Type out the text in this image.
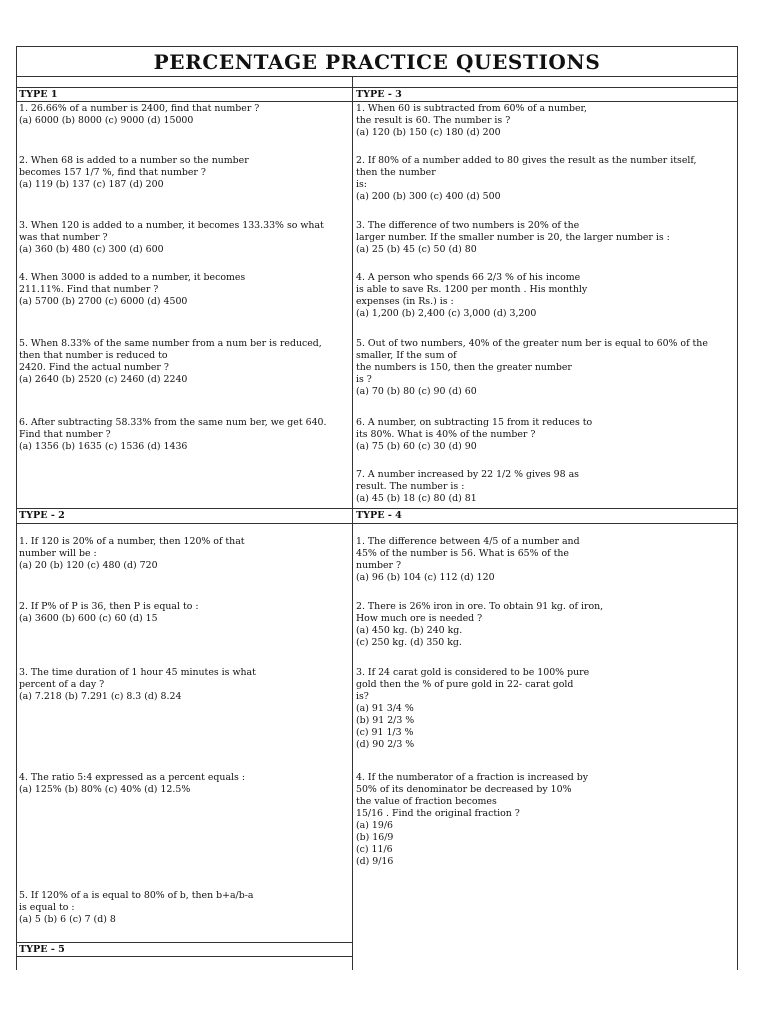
PERCENTAGE PRACTICE QUESTIONS
TYPE 1	TYPE - 3
TYPE - 2	TYPE - 4
TYPE - 5
1. 26.66% of a number is 2400, find that number ?
(a) 6000 (b) 8000 (c) 9000 (d) 15000
2. When 68 is added to a number so the number
becomes 157 1/7 %, find that number ?
(a) 119 (b) 137 (c) 187 (d) 200
3. When 120 is added to a number, it becomes 133.33% so what
was that number ?
(a) 360 (b) 480 (c) 300 (d) 600
4. When 3000 is added to a number, it becomes
211.11%. Find that number ?
(a) 5700 (b) 2700 (c) 6000 (d) 4500
5. When 8.33% of the same number from a num ber is reduced,
then that number is reduced to
2420. Find the actual number ?
(a) 2640 (b) 2520 (c) 2460 (d) 2240
6. After subtracting 58.33% from the same num ber, we get 640.
Find that number ?
(a) 1356 (b) 1635 (c) 1536 (d) 1436
1. When 60 is subtracted from 60% of a number,
the result is 60. The number is ?
(a) 120 (b) 150 (c) 180 (d) 200
2. If 80% of a number added to 80 gives the result as the number itself,
then the number
is:
(a) 200 (b) 300 (c) 400 (d) 500
3. The difference of two numbers is 20% of the
larger number. If the smaller number is 20, the larger number is :
(a) 25 (b) 45 (c) 50 (d) 80
4. A person who spends 66 2/3 % of his income
is able to save Rs. 1200 per month . His monthly
expenses (in Rs.) is :
(a) 1,200 (b) 2,400 (c) 3,000 (d) 3,200
5. Out of two numbers, 40% of the greater num ber is equal to 60% of the
smaller, If the sum of
the numbers is 150, then the greater number
is ?
(a) 70 (b) 80 (c) 90 (d) 60
6. A number, on subtracting 15 from it reduces to
its 80%. What is 40% of the number ?
(a) 75 (b) 60 (c) 30 (d) 90
7. A number increased by 22 1/2 % gives 98 as
result. The number is :
(a) 45 (b) 18 (c) 80 (d) 81
1. If 120 is 20% of a number, then 120% of that
number will be :
(a) 20 (b) 120 (c) 480 (d) 720
2. If P% of P is 36, then P is equal to :
(a) 3600 (b) 600 (c) 60 (d) 15
3. The time duration of 1 hour 45 minutes is what
percent of a day ?
(a) 7.218 (b) 7.291 (c) 8.3 (d) 8.24
4. The ratio 5:4 expressed as a percent equals :
(a) 125% (b) 80% (c) 40% (d) 12.5%
5. If 120% of a is equal to 80% of b, then b+a/b-a
is equal to :
(a) 5 (b) 6 (c) 7 (d) 8
1. The difference between 4/5 of a number and
45% of the number is 56. What is 65% of the
number ?
(a) 96 (b) 104 (c) 112 (d) 120
2. There is 26% iron in ore. To obtain 91 kg. of iron,
How much ore is needed ?
(a) 450 kg. (b) 240 kg.
(c) 250 kg. (d) 350 kg.
3. If 24 carat gold is considered to be 100% pure
gold then the % of pure gold in 22- carat gold
is?
(a) 91 3/4 %
(b) 91 2/3 %
(c) 91 1/3 %
(d) 90 2/3 %
4. If the numberator of a fraction is increased by
50% of its denominator be decreased by 10%
the value of fraction becomes
15/16 . Find the original fraction ?
(a) 19/6
(b) 16/9
(c) 11/6
(d) 9/16
